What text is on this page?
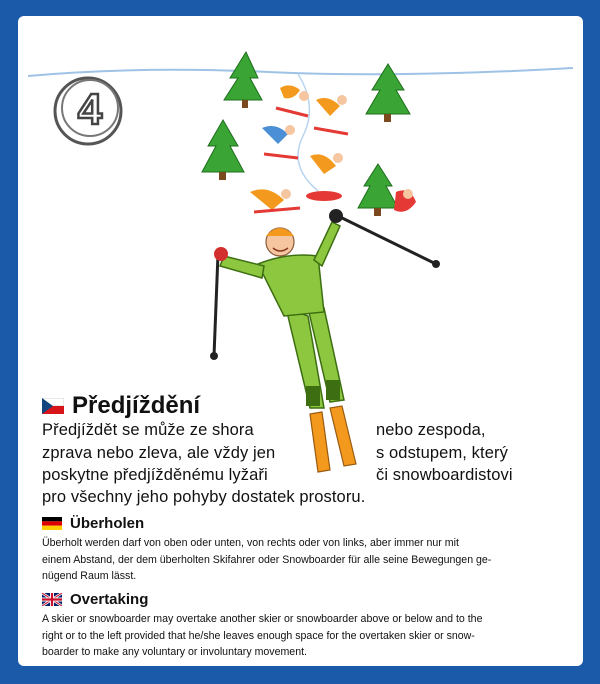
4
Předjíždění
Předjíždět se může ze shora	nebo zespoda,
zprava nebo zleva, ale vždy jen	s odstupem, který
poskytne předjížděnému lyžaři	či snowboardistovi
pro všechny jeho pohyby dostatek prostoru.
Überholen
Überholt werden darf von oben oder unten, von rechts oder von links, aber immer nur mit
einem Abstand, der dem überholten Skifahrer oder Snowboarder für alle seine Bewegungen ge-
nügend Raum lässt.
Overtaking
A skier or snowboarder may overtake another skier or snowboarder above or below and to the
right or to the left provided that he/she leaves enough space for the overtaken skier or snow-
boarder to make any voluntary or involuntary movement.
